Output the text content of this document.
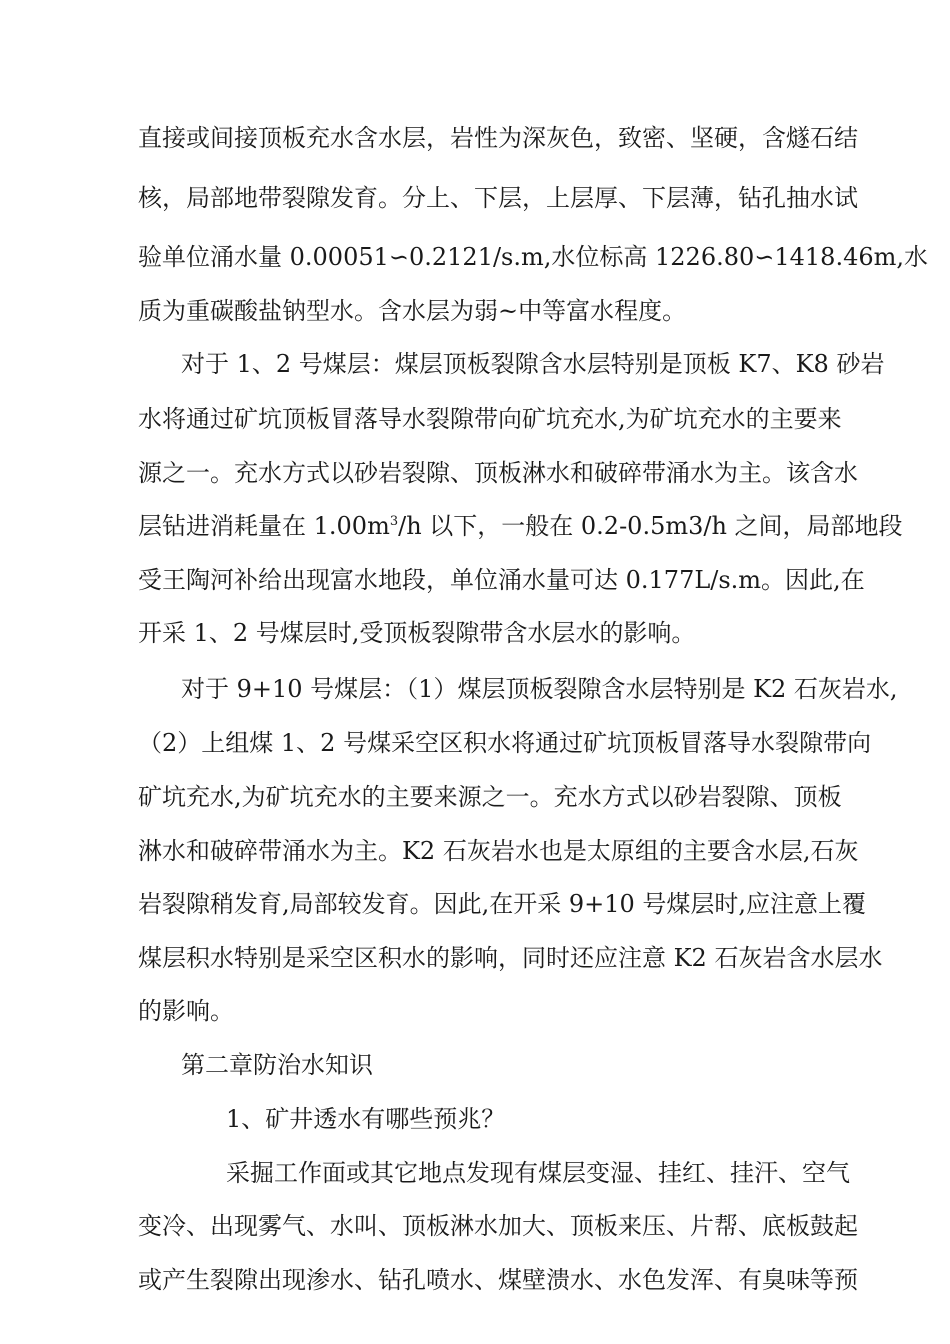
直接或间接顶板充水含水层，岩性为深灰色，致密、坚硬，含燧石结
核，局部地带裂隙发育。分上、下层，上层厚、下层薄，钻孔抽水试
验单位涌水量 0.00051∽0.2121/s.m,水位标高 1226.80∽1418.46m,水
质为重碳酸盐钠型水。含水层为弱~中等富水程度。
对于 1、2 号煤层：煤层顶板裂隙含水层特别是顶板 K7、K8 砂岩
水将通过矿坑顶板冒落导水裂隙带向矿坑充水,为矿坑充水的主要来
源之一。充水方式以砂岩裂隙、顶板淋水和破碎带涌水为主。该含水
层钻进消耗量在 $1.00m^3/h$ 以下，一般在 0.2-0.5m3/h 之间，局部地段
受王陶河补给出现富水地段，单位涌水量可达 0.177L/s.m。因此,在
开采 1、2 号煤层时,受顶板裂隙带含水层水的影响。
对于 9+10 号煤层：（1）煤层顶板裂隙含水层特别是 K2 石灰岩水,
（2）上组煤 1、2 号煤采空区积水将通过矿坑顶板冒落导水裂隙带向
矿坑充水,为矿坑充水的主要来源之一。充水方式以砂岩裂隙、顶板
淋水和破碎带涌水为主。K2 石灰岩水也是太原组的主要含水层,石灰
岩裂隙稍发育,局部较发育。因此,在开采 9+10 号煤层时,应注意上覆
煤层积水特别是采空区积水的影响，同时还应注意 K2 石灰岩含水层水
的影响。
第二章防治水知识
1、矿井透水有哪些预兆？
采掘工作面或其它地点发现有煤层变湿、挂红、挂汗、空气
变冷、出现雾气、水叫、顶板淋水加大、顶板来压、片帮、底板鼓起
或产生裂隙出现渗水、钻孔喷水、煤壁溃水、水色发浑、有臭味等预
